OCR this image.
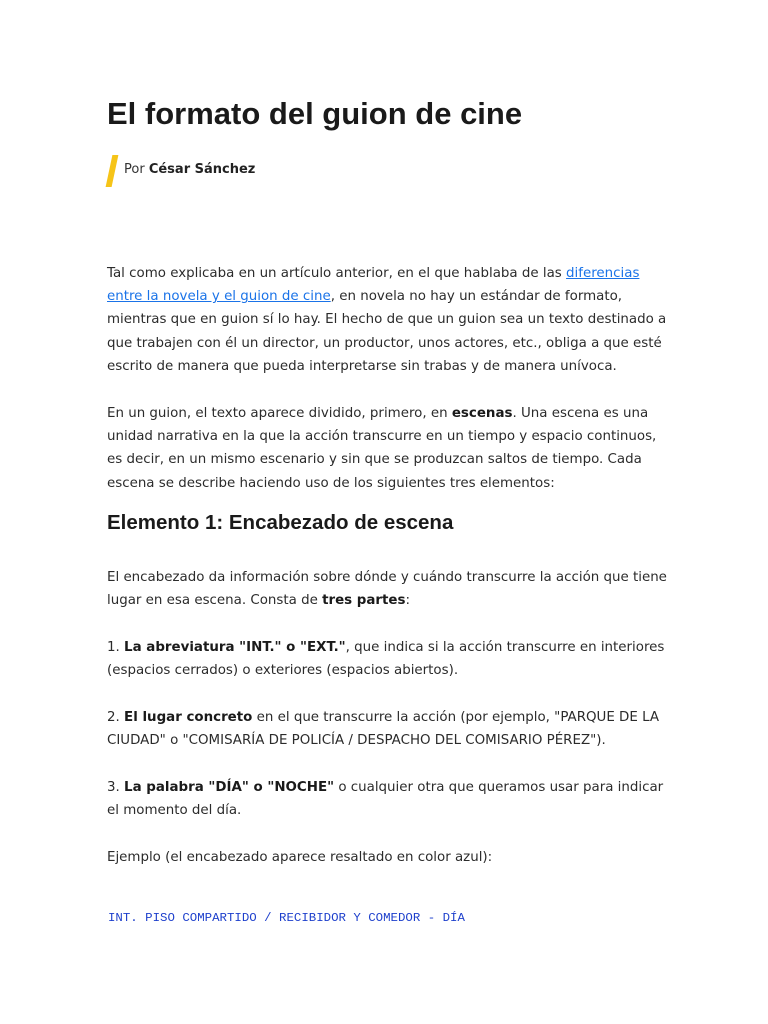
El formato del guion de cine
Por César Sánchez

Tal como explicaba en un artículo anterior, en el que hablaba de las diferencias entre la novela y el guion de cine, en novela no hay un estándar de formato, mientras que en guion sí lo hay. El hecho de que un guion sea un texto destinado a que trabajen con él un director, un productor, unos actores, etc., obliga a que esté escrito de manera que pueda interpretarse sin trabas y de manera unívoca.

En un guion, el texto aparece dividido, primero, en escenas. Una escena es una unidad narrativa en la que la acción transcurre en un tiempo y espacio continuos, es decir, en un mismo escenario y sin que se produzcan saltos de tiempo. Cada escena se describe haciendo uso de los siguientes tres elementos:

Elemento 1: Encabezado de escena

El encabezado da información sobre dónde y cuándo transcurre la acción que tiene lugar en esa escena. Consta de tres partes:

1. La abreviatura "INT." o "EXT.", que indica si la acción transcurre en interiores (espacios cerrados) o exteriores (espacios abiertos).

2. El lugar concreto en el que transcurre la acción (por ejemplo, "PARQUE DE LA CIUDAD" o "COMISARÍA DE POLICÍA / DESPACHO DEL COMISARIO PÉREZ").

3. La palabra "DÍA" o "NOCHE" o cualquier otra que queramos usar para indicar el momento del día.

Ejemplo (el encabezado aparece resaltado en color azul):

INT. PISO COMPARTIDO / RECIBIDOR Y COMEDOR - DÍA
